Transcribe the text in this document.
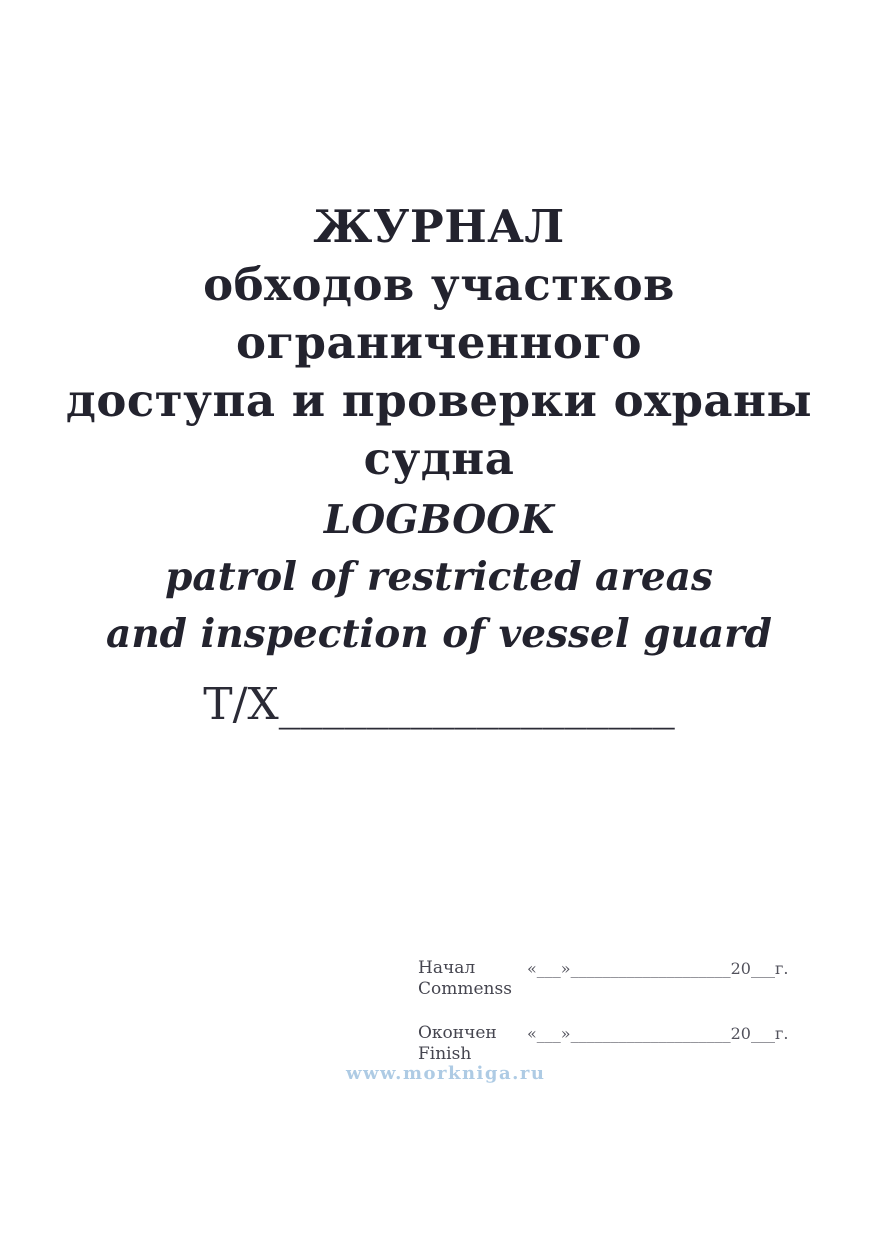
ЖУРНАЛ
обходов участков ограниченного
доступа и проверки охраны судна
LOGBOOK
patrol of restricted areas
and inspection of vessel guard
Т/Х__________________
Начал
Commenss
«___»____________________20___г.
Окончен
Finish
«___»____________________20___г.
www.morkniga.ru
